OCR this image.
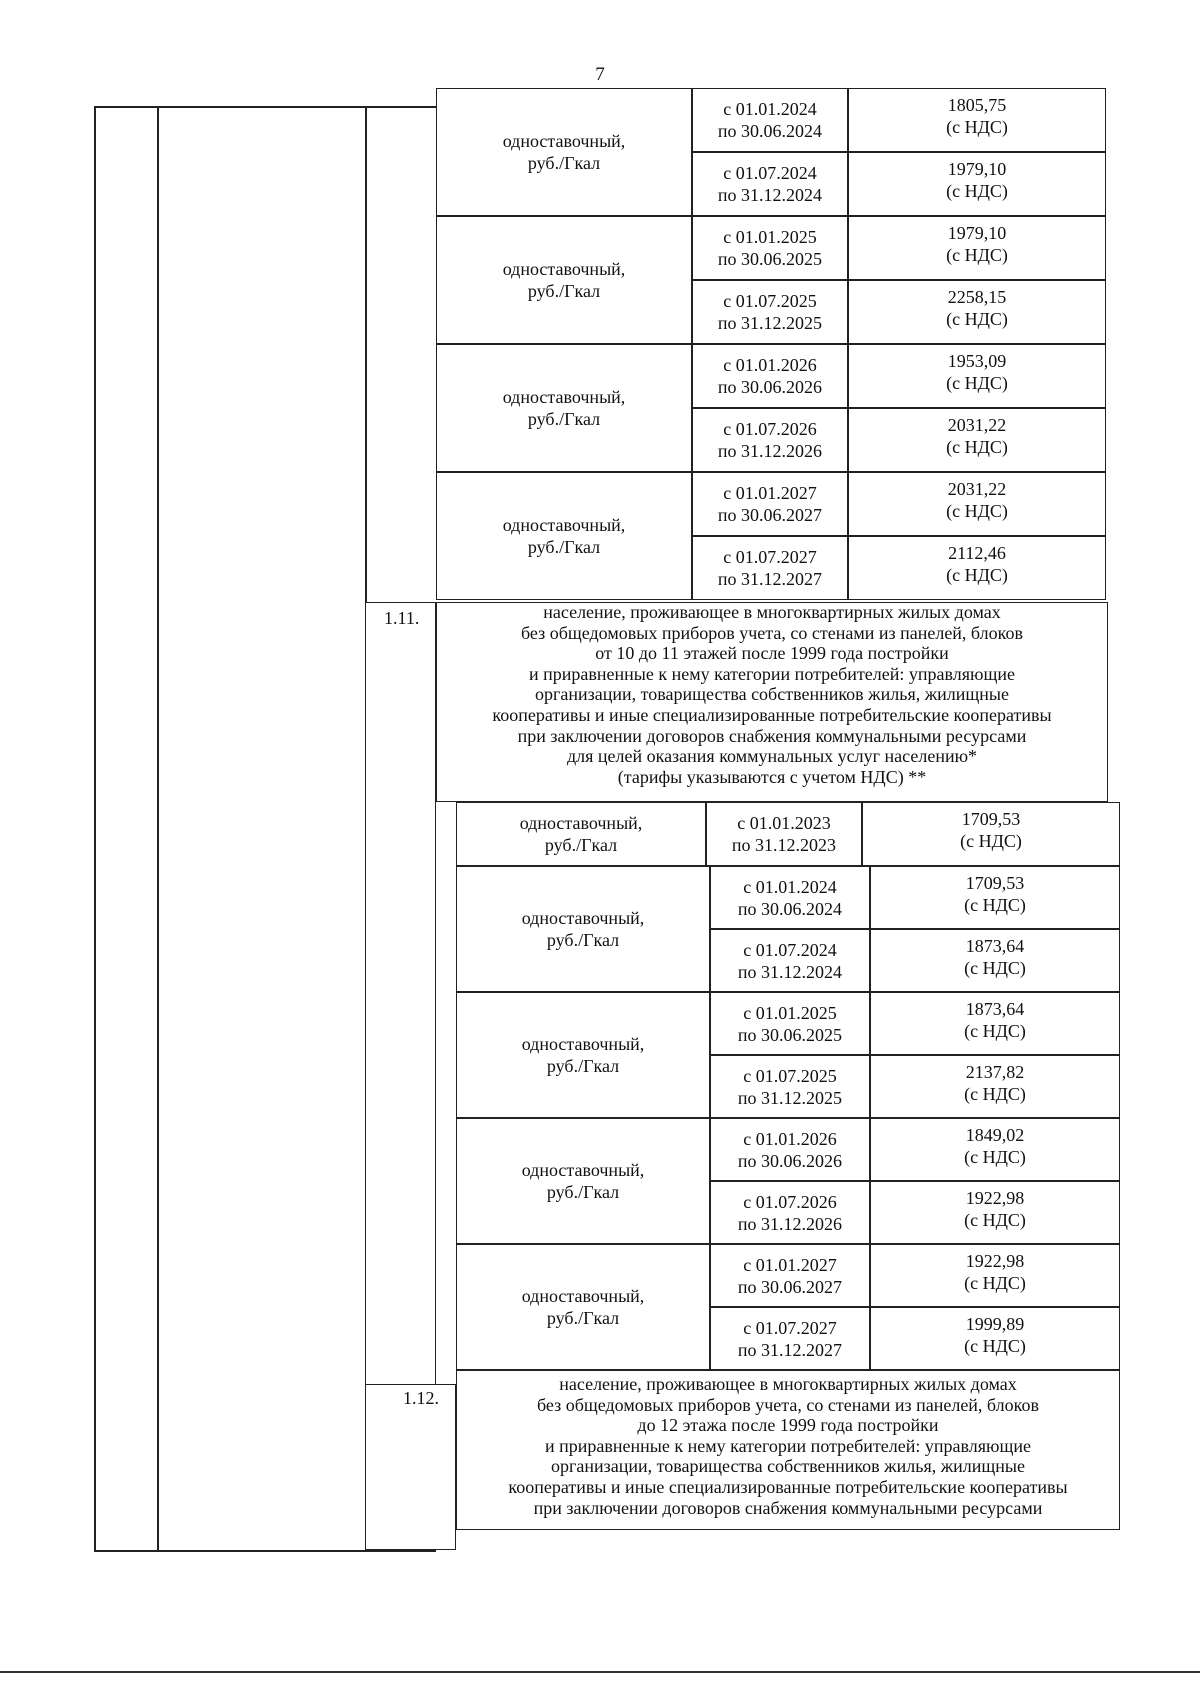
7
одноставочный,
руб./Гкал
с 01.01.2024
по 30.06.2024
1805,75
(с НДС)
с 01.07.2024
по 31.12.2024
1979,10
(с НДС)
одноставочный,
руб./Гкал
с 01.01.2025
по 30.06.2025
1979,10
(с НДС)
с 01.07.2025
по 31.12.2025
2258,15
(с НДС)
одноставочный,
руб./Гкал
с 01.01.2026
по 30.06.2026
1953,09
(с НДС)
с 01.07.2026
по 31.12.2026
2031,22
(с НДС)
одноставочный,
руб./Гкал
с 01.01.2027
по 30.06.2027
2031,22
(с НДС)
с 01.07.2027
по 31.12.2027
2112,46
(с НДС)
1.11.	население, проживающее в многоквартирных жилых домах
без общедомовых приборов учета, со стенами из панелей, блоков
от 10 до 11 этажей после 1999 года постройки
и приравненные к нему категории потребителей: управляющие
организации, товарищества собственников жилья, жилищные
кооперативы и иные специализированные потребительские кооперативы
при заключении договоров снабжения коммунальными ресурсами
для целей оказания коммунальных услуг населению*
(тарифы указываются с учетом НДС) **
одноставочный,
руб./Гкал
с 01.01.2023
по 31.12.2023
1709,53
(с НДС)
одноставочный,
руб./Гкал
с 01.01.2024
по 30.06.2024
1709,53
(с НДС)
с 01.07.2024
по 31.12.2024
1873,64
(с НДС)
одноставочный,
руб./Гкал
с 01.01.2025
по 30.06.2025
1873,64
(с НДС)
с 01.07.2025
по 31.12.2025
2137,82
(с НДС)
одноставочный,
руб./Гкал
с 01.01.2026
по 30.06.2026
1849,02
(с НДС)
с 01.07.2026
по 31.12.2026
1922,98
(с НДС)
одноставочный,
руб./Гкал
с 01.01.2027
по 30.06.2027
1922,98
(с НДС)
с 01.07.2027
по 31.12.2027
1999,89
(с НДС)
1.12.
население, проживающее в многоквартирных жилых домах
без общедомовых приборов учета, со стенами из панелей, блоков
до 12 этажа после 1999 года постройки
и приравненные к нему категории потребителей: управляющие
организации, товарищества собственников жилья, жилищные
кооперативы и иные специализированные потребительские кооперативы
при заключении договоров снабжения коммунальными ресурсами
